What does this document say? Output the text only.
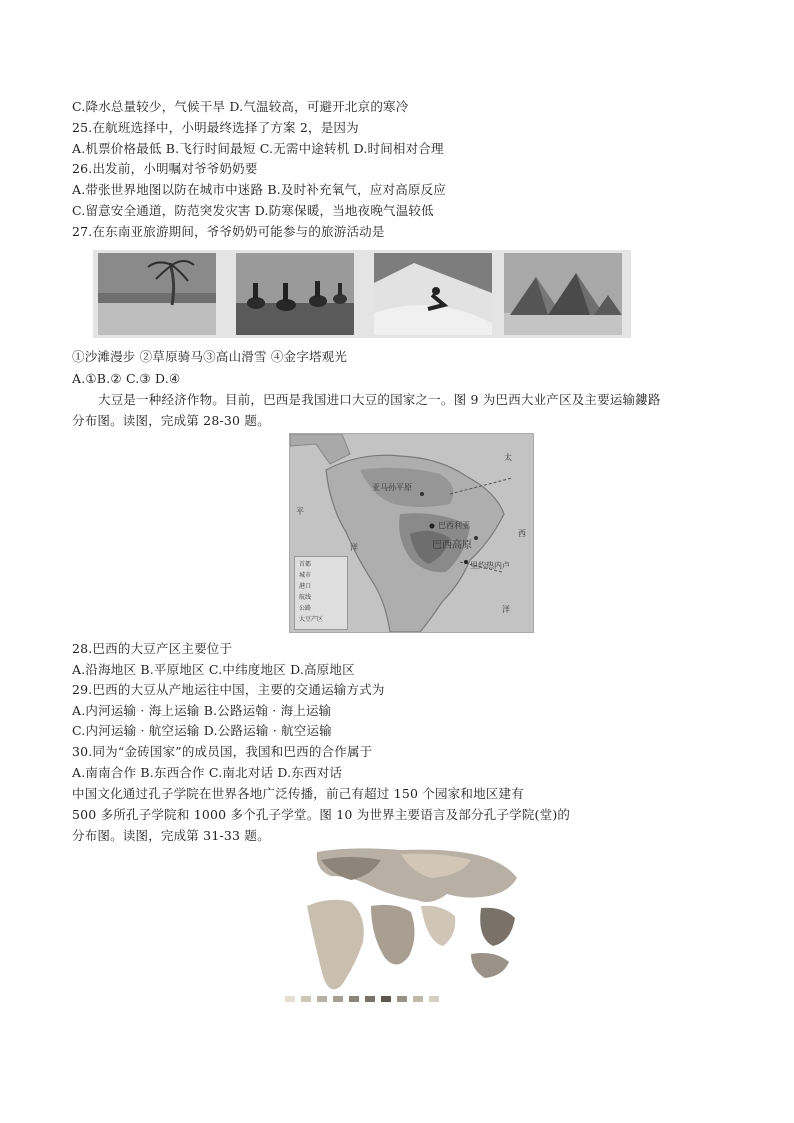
C.降水总量较少，气候干旱 D.气温较高，可避开北京的寒冷
25.在航班选择中，小明最终选择了方案 2，是因为
A.机票价格最低 B.飞行时间最短 C.无需中途转机 D.时间相对合理
26.出发前，小明嘱对爷爷奶奶要
A.带张世界地图以防在城市中迷路 B.及时补充氧气，应对高原反应
C.留意安全通道，防范突发灾害 D.防寒保暖，当地夜晚气温较低
27.在东南亚旅游期间，爷爷奶奶可能参与的旅游活动是
①沙滩漫步 ②草原骑马③高山滑雪 ④金字塔观光
A.①B.② C.③ D.④
大豆是一种经济作物。目前，巴西是我国进口大豆的国家之一。图 9 为巴西大业产区及主要运输鏤路
分布图。读图，完成第 28-30 题。
太
平
西
洋
洋
亚马孙平原
巴西利亚
巴西高原
里约热内卢
首都
城市
港口
航线
公路
大豆产区
28.巴西的大豆产区主要位于
A.沿海地区 B.平原地区 C.中纬度地区 D.高原地区
29.巴西的大豆从产地运往中国，主要的交通运输方式为
A.内河运输 · 海上运输 B.公路运翰 · 海上运输
C.内河运输 · 航空运输 D.公路运输 · 航空运输
30.同为“金砖国家”的成员国，我国和巴西的合作属于
A.南南合作 B.东西合作 C.南北对话 D.东西对话
中国文化通过孔子学院在世界各地广泛传播，前己有超过 150 个园家和地区建有
500 多所孔子学院和 1000 多个孔子学堂。图 10 为世界主要语言及部分孔子学院(堂)的
分布图。读图，完成第 31-33 题。
